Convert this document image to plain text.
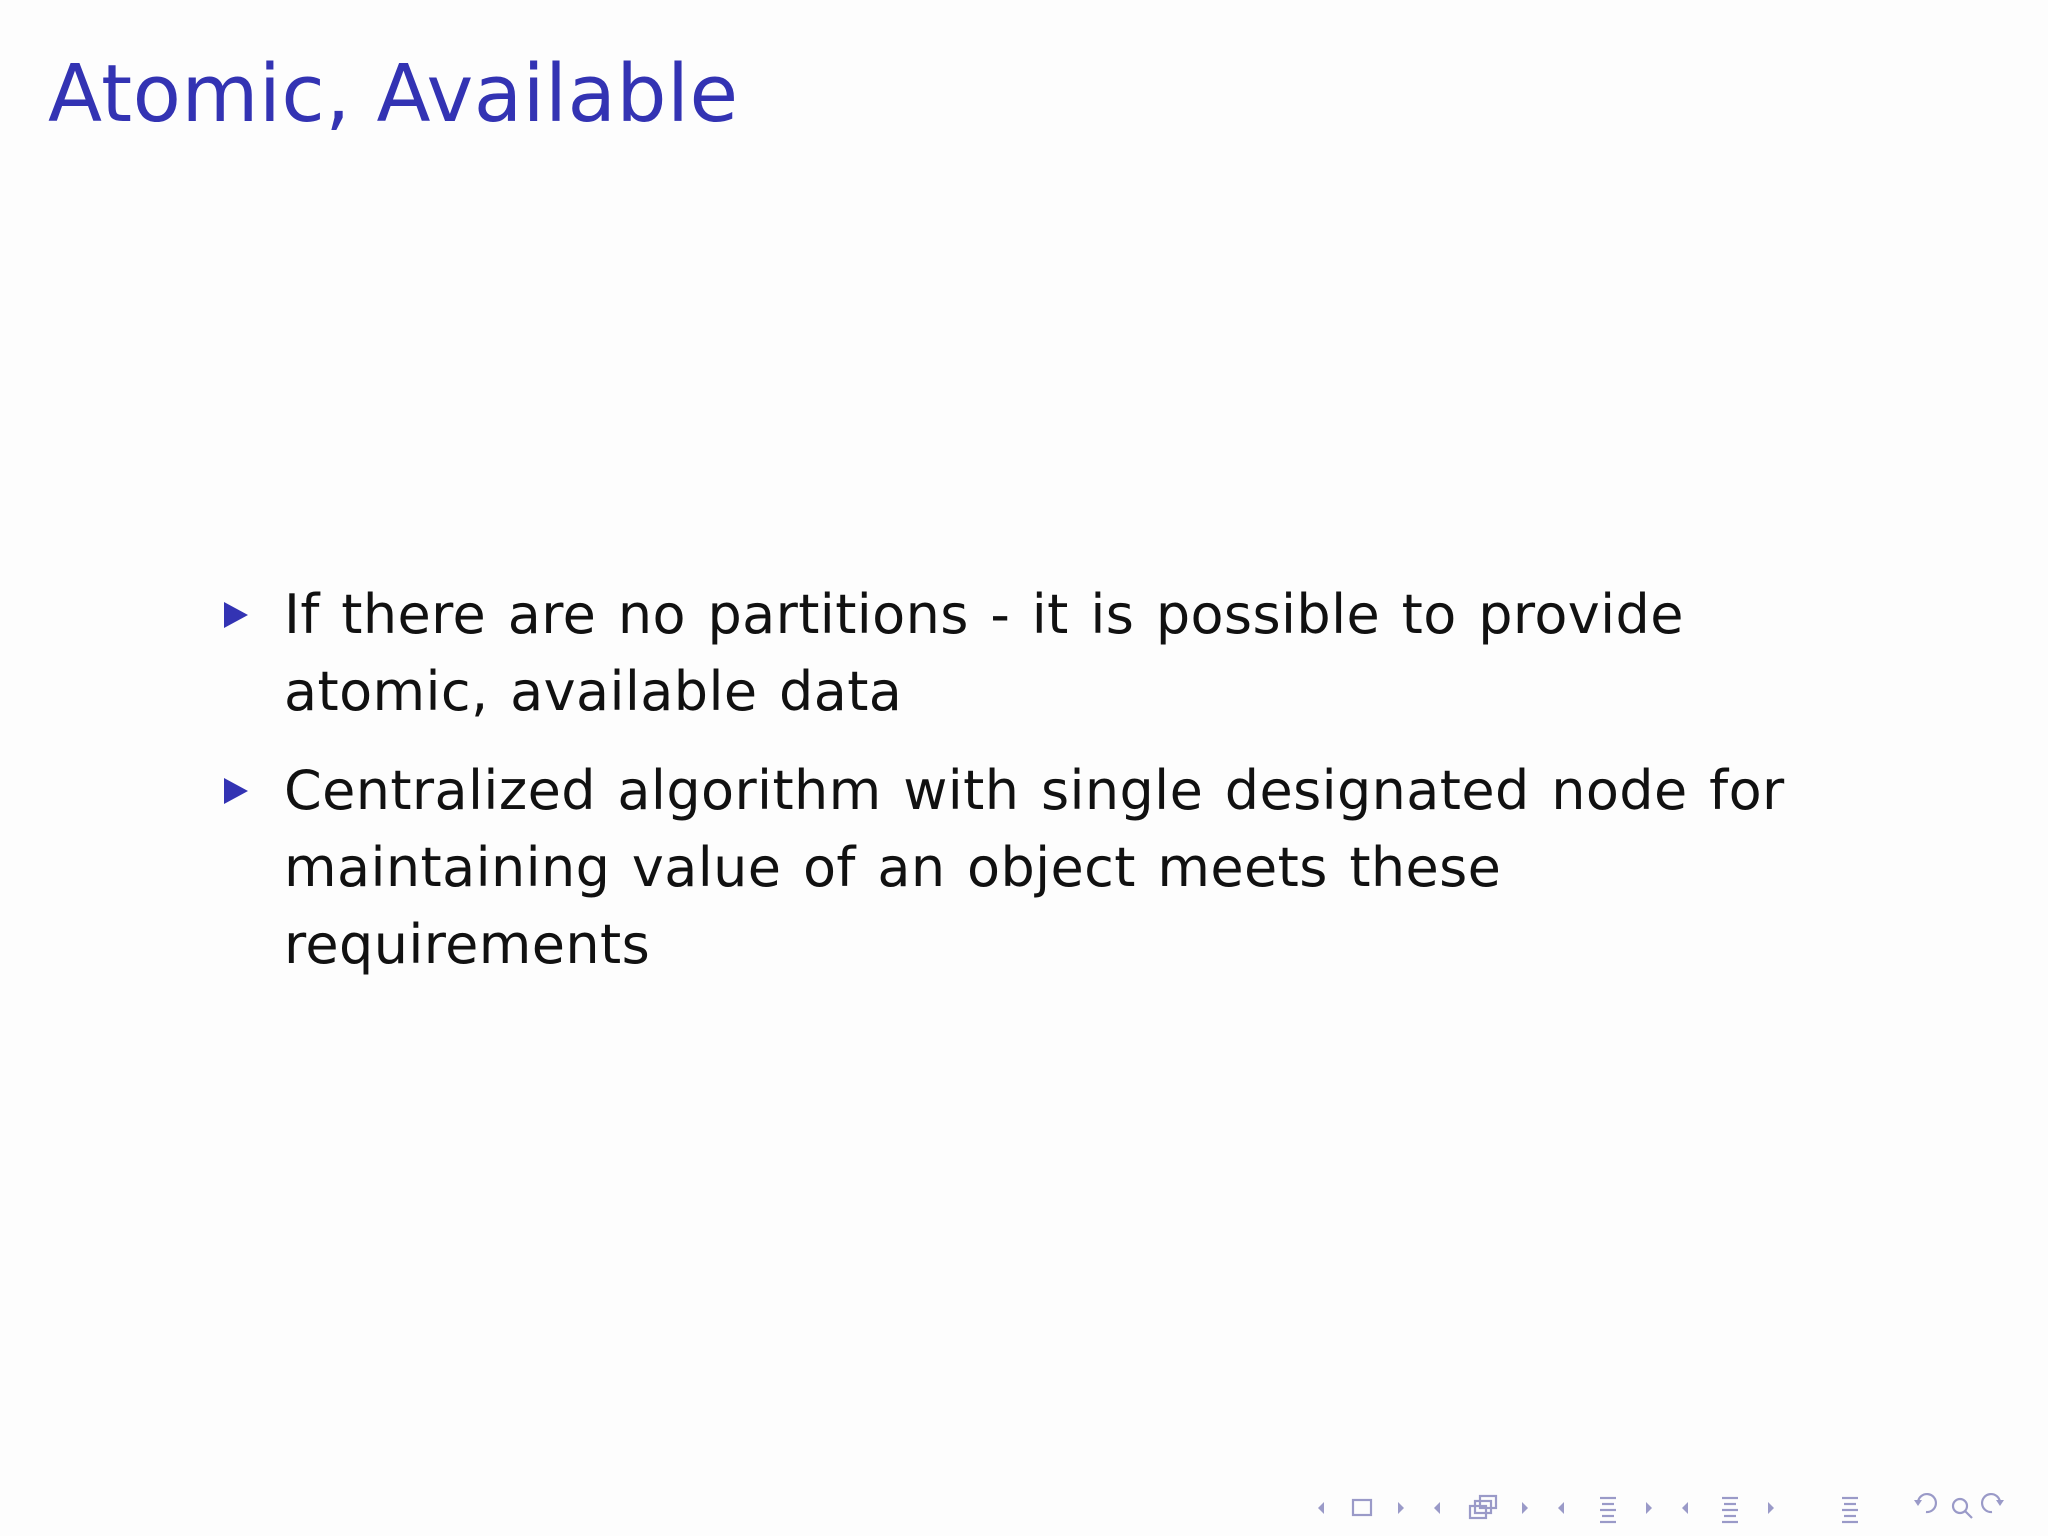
Atomic, Available
If there are no partitions - it is possible to provide atomic, available data
Centralized algorithm with single designated node for maintaining value of an object meets these requirements
